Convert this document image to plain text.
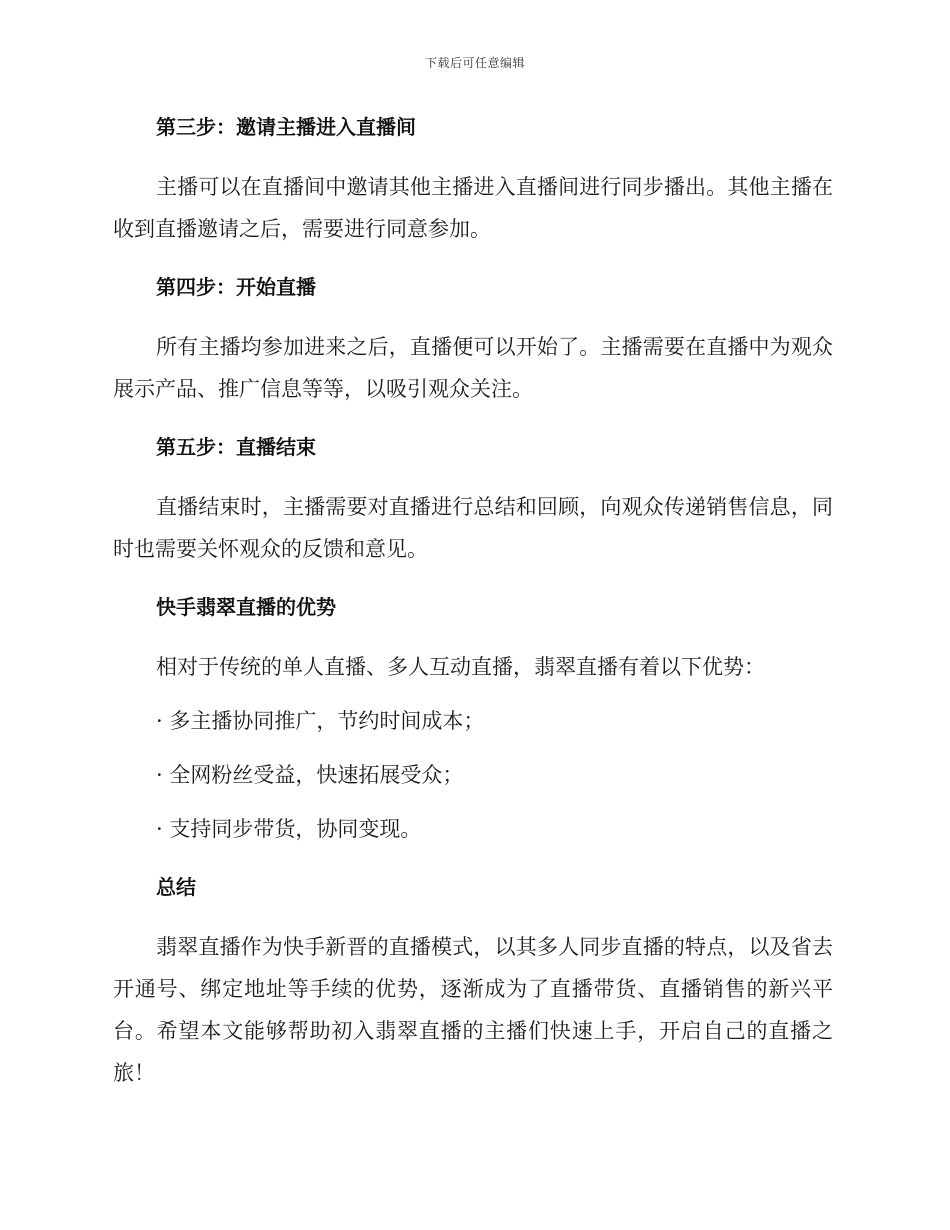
下载后可任意编辑
第三步：邀请主播进入直播间

主播可以在直播间中邀请其他主播进入直播间进行同步播出。其他主播在收到直播邀请之后，需要进行同意参加。

第四步：开始直播

所有主播均参加进来之后，直播便可以开始了。主播需要在直播中为观众展示产品、推广信息等等，以吸引观众关注。

第五步：直播结束

直播结束时，主播需要对直播进行总结和回顾，向观众传递销售信息，同时也需要关怀观众的反馈和意见。

快手翡翠直播的优势

相对于传统的单人直播、多人互动直播，翡翠直播有着以下优势：

· 多主播协同推广，节约时间成本；

· 全网粉丝受益，快速拓展受众；

· 支持同步带货，协同变现。

总结

翡翠直播作为快手新晋的直播模式，以其多人同步直播的特点，以及省去开通号、绑定地址等手续的优势，逐渐成为了直播带货、直播销售的新兴平台。希望本文能够帮助初入翡翠直播的主播们快速上手，开启自己的直播之旅！
